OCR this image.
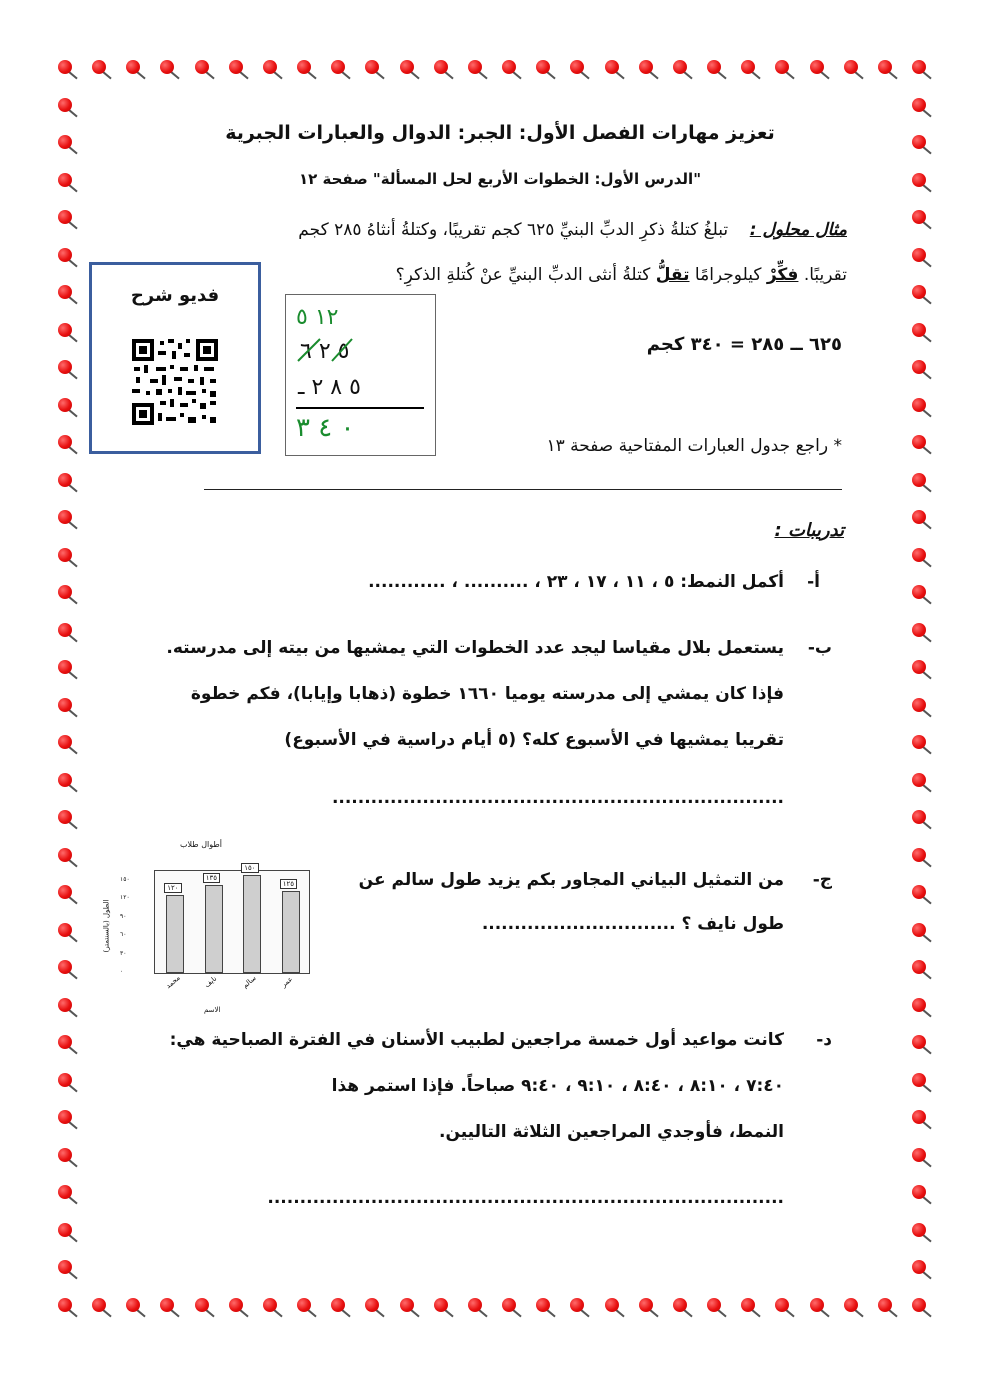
تعزيز مهارات الفصل الأول: الجبر: الدوال والعبارات الجبرية
"الدرس الأول: الخطوات الأربع لحل المسألة" صفحة ١٢
مثال محلول :    تبلغُ كتلةُ ذكرِ الدبِّ البنيِّ ٦٢٥ كجم تقريبًا، وكتلةُ أنثاهُ ٢٨٥ كجم
تقريبًا. فكِّرْ كيلوجرامًا تقلُّ كتلةُ أنثى الدبِّ البنيِّ عنْ كُتلةِ الذكرِ؟
فديو شرح
١٢ ٥
٥ ٢ ٦
٥ ٨ ٢ ـ
٠ ٤ ٣
٦٢٥ ــ ٢٨٥ = ٣٤٠ كجم
* راجع جدول العبارات المفتاحية صفحة ١٣
تدريبات :
أ-
أكمل النمط: ٥ ، ١١ ، ١٧ ، ٢٣ ، .......... ، ............
ب-
يستعمل بلال مقياسا ليجد عدد الخطوات التي يمشيها من بيته إلى مدرسته.
فإذا كان يمشي إلى مدرسته يوميا ١٦٦٠ خطوة (ذهابا وإيابا)، فكم خطوة
تقريبا يمشيها في الأسبوع كله؟ (٥ أيام دراسية في الأسبوع)
......................................................................
ج-
من التمثيل البياني المجاور بكم يزيد طول سالم عن
طول نايف ؟ ..............................
أطوال طلاب
الطول (بالسنتمتر)
الاسم
١٥٠
١٢٠
٩٠
٦٠
٣٠
٠
١٢٥
١٥٠
١٣٥
١٢٠
عمر
سالم
نايف
محمد
د-
كانت مواعيد أول خمسة مراجعين لطبيب الأسنان في الفترة الصباحية هي:
٧:٤٠ ، ٨:١٠ ، ٨:٤٠ ، ٩:١٠ ، ٩:٤٠ صباحاً. فإذا استمر هذا
النمط، فأوجدي المراجعين الثلاثة التاليين.
................................................................................
